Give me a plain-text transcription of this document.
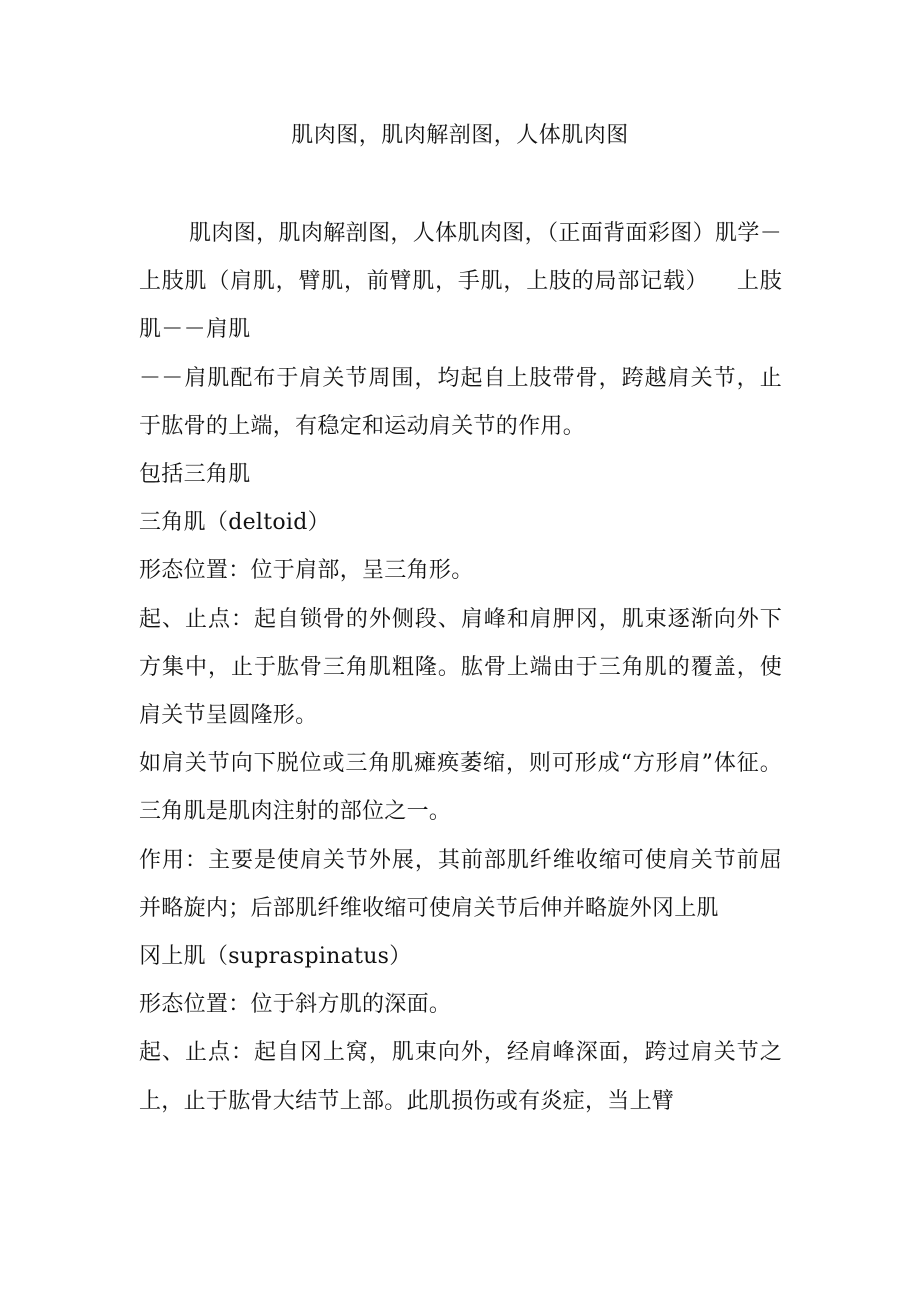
肌肉图，肌肉解剖图，人体肌肉图

肌肉图，肌肉解剖图，人体肌肉图，（正面背面彩图）肌学－上肢肌（肩肌，臂肌，前臂肌，手肌，上肢的局部记载） 上肢肌－－肩肌

－－肩肌配布于肩关节周围，均起自上肢带骨，跨越肩关节，止于肱骨的上端，有稳定和运动肩关节的作用。

包括三角肌

三角肌（deltoid）

形态位置：位于肩部，呈三角形。

起、止点：起自锁骨的外侧段、肩峰和肩胛冈，肌束逐渐向外下方集中，止于肱骨三角肌粗隆。肱骨上端由于三角肌的覆盖，使肩关节呈圆隆形。

如肩关节向下脱位或三角肌瘫痪萎缩，则可形成“方形肩”体征。三角肌是肌肉注射的部位之一。

作用：主要是使肩关节外展，其前部肌纤维收缩可使肩关节前屈并略旋内；后部肌纤维收缩可使肩关节后伸并略旋外冈上肌

冈上肌（supraspinatus）

形态位置：位于斜方肌的深面。

起、止点：起自冈上窝，肌束向外，经肩峰深面，跨过肩关节之上，止于肱骨大结节上部。此肌损伤或有炎症，当上臂
